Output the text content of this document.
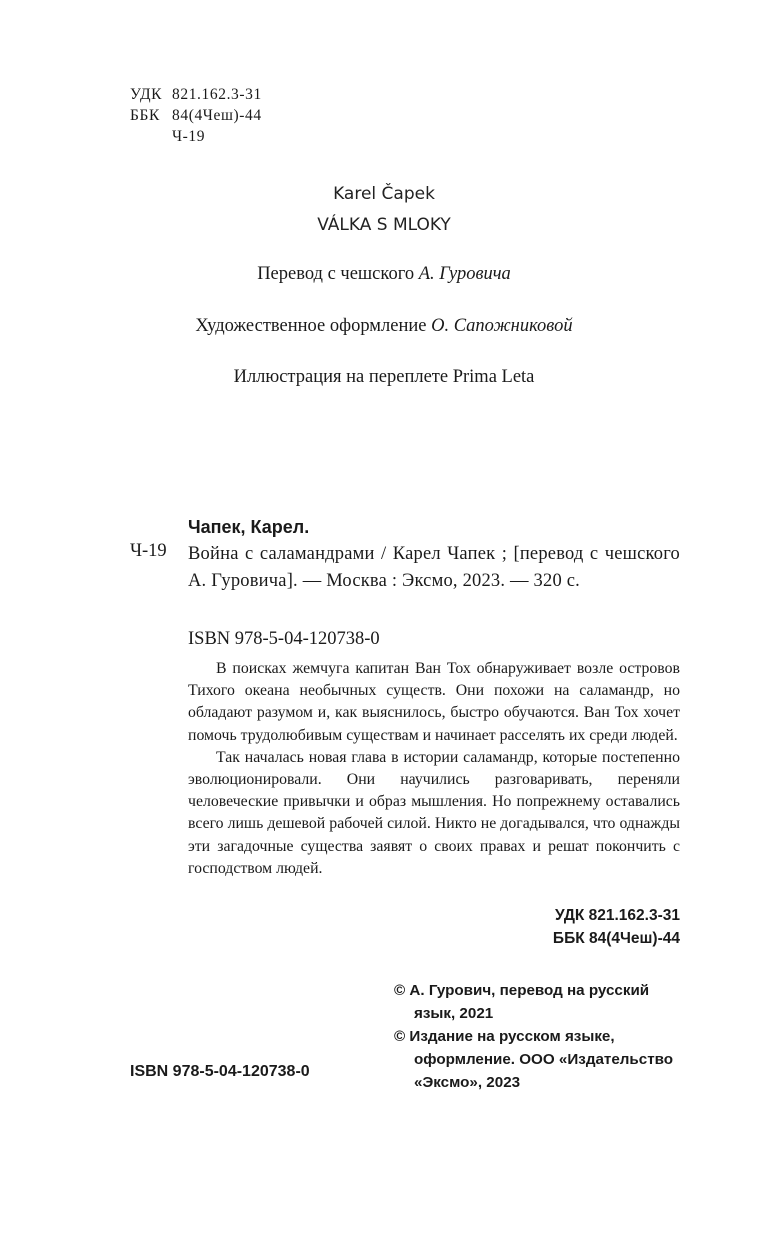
УДК 821.162.3-31
ББК 84(4Чеш)-44
Ч-19
Karel Čapek
VÁLKA S MLOKY
Перевод с чешского А. Гуровича
Художественное оформление О. Сапожниковой
Иллюстрация на переплете Prima Leta
Чапек, Карел.
Ч-19 Война с саламандрами / Карел Чапек ; [перевод с чешского А. Гуровича]. — Москва : Эксмо, 2023. — 320 с.
ISBN 978-5-04-120738-0

В поисках жемчуга капитан Ван Тох обнаруживает возле островов Тихого океана необычных существ. Они похожи на саламандр, но обладают разумом и, как выяснилось, быстро обучаются. Ван Тох хочет помочь трудолюбивым существам и начинает расселять их среди людей.

Так началась новая глава в истории саламандр, которые постепенно эволюционировали. Они научились разговаривать, переняли человеческие привычки и образ мышления. Но попрежнему оставались всего лишь дешевой рабочей силой. Никто не догадывался, что однажды эти загадочные существа заявят о своих правах и решат покончить с господством людей.

УДК 821.162.3-31
ББК 84(4Чеш)-44
© А. Гурович, перевод на русский язык, 2021
© Издание на русском языке, оформление. ООО «Издательство «Эксмо», 2023
ISBN 978-5-04-120738-0
